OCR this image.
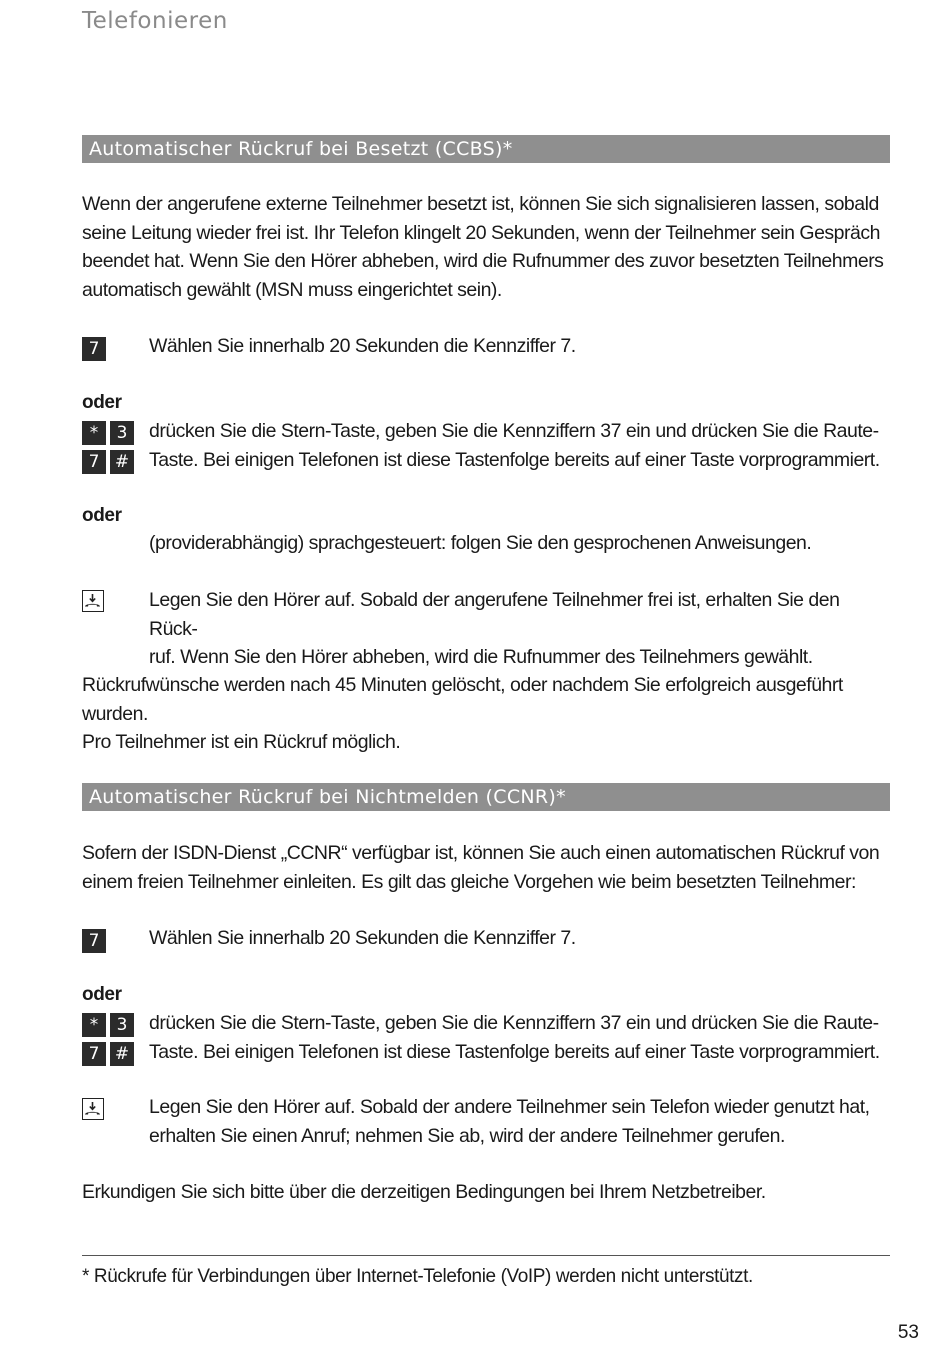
Telefonieren
Automatischer Rückruf bei Besetzt (CCBS)*
Wenn der angerufene externe Teilnehmer besetzt ist, können Sie sich signalisieren lassen, sobald
seine Leitung wieder frei ist. Ihr Telefon klingelt 20 Sekunden, wenn der Teilnehmer sein Gespräch
beendet hat. Wenn Sie den Hörer abheben, wird die Rufnummer des zuvor besetzten Teilnehmers
automatisch gewählt (MSN muss eingerichtet sein).
7	Wählen Sie innerhalb 20 Sekunden die Kennziffer 7.
oder
*	3
7 #
drücken Sie die Stern-Taste, geben Sie die Kennziffern 37 ein und drücken Sie die Raute-
Taste. Bei einigen Telefonen ist diese Tastenfolge bereits auf einer Taste vorprogrammiert.
oder
(providerabhängig) sprachgesteuert: folgen Sie den gesprochenen Anweisungen.
Legen Sie den Hörer auf. Sobald der angerufene Teilnehmer frei ist, erhalten Sie den Rück-
ruf. Wenn Sie den Hörer abheben, wird die Rufnummer des Teilnehmers gewählt.
Rückrufwünsche werden nach 45 Minuten gelöscht, oder nachdem Sie erfolgreich ausgeführt wurden.
Pro Teilnehmer ist ein Rückruf möglich.
Automatischer Rückruf bei Nichtmelden (CCNR)*
Sofern der ISDN-Dienst „CCNR“ verfügbar ist, können Sie auch einen automatischen Rückruf von
einem freien Teilnehmer einleiten. Es gilt das gleiche Vorgehen wie beim besetzten Teilnehmer:
7	Wählen Sie innerhalb 20 Sekunden die Kennziffer 7.
oder
*	3
7 #
drücken Sie die Stern-Taste, geben Sie die Kennziffern 37 ein und drücken Sie die Raute-
Taste. Bei einigen Telefonen ist diese Tastenfolge bereits auf einer Taste vorprogrammiert.
Legen Sie den Hörer auf. Sobald der andere Teilnehmer sein Telefon wieder genutzt hat,
erhalten Sie einen Anruf; nehmen Sie ab, wird der andere Teilnehmer gerufen.
Erkundigen Sie sich bitte über die derzeitigen Bedingungen bei Ihrem Netzbetreiber.
* Rückrufe für Verbindungen über Internet-Telefonie (VoIP) werden nicht unterstützt.
53
